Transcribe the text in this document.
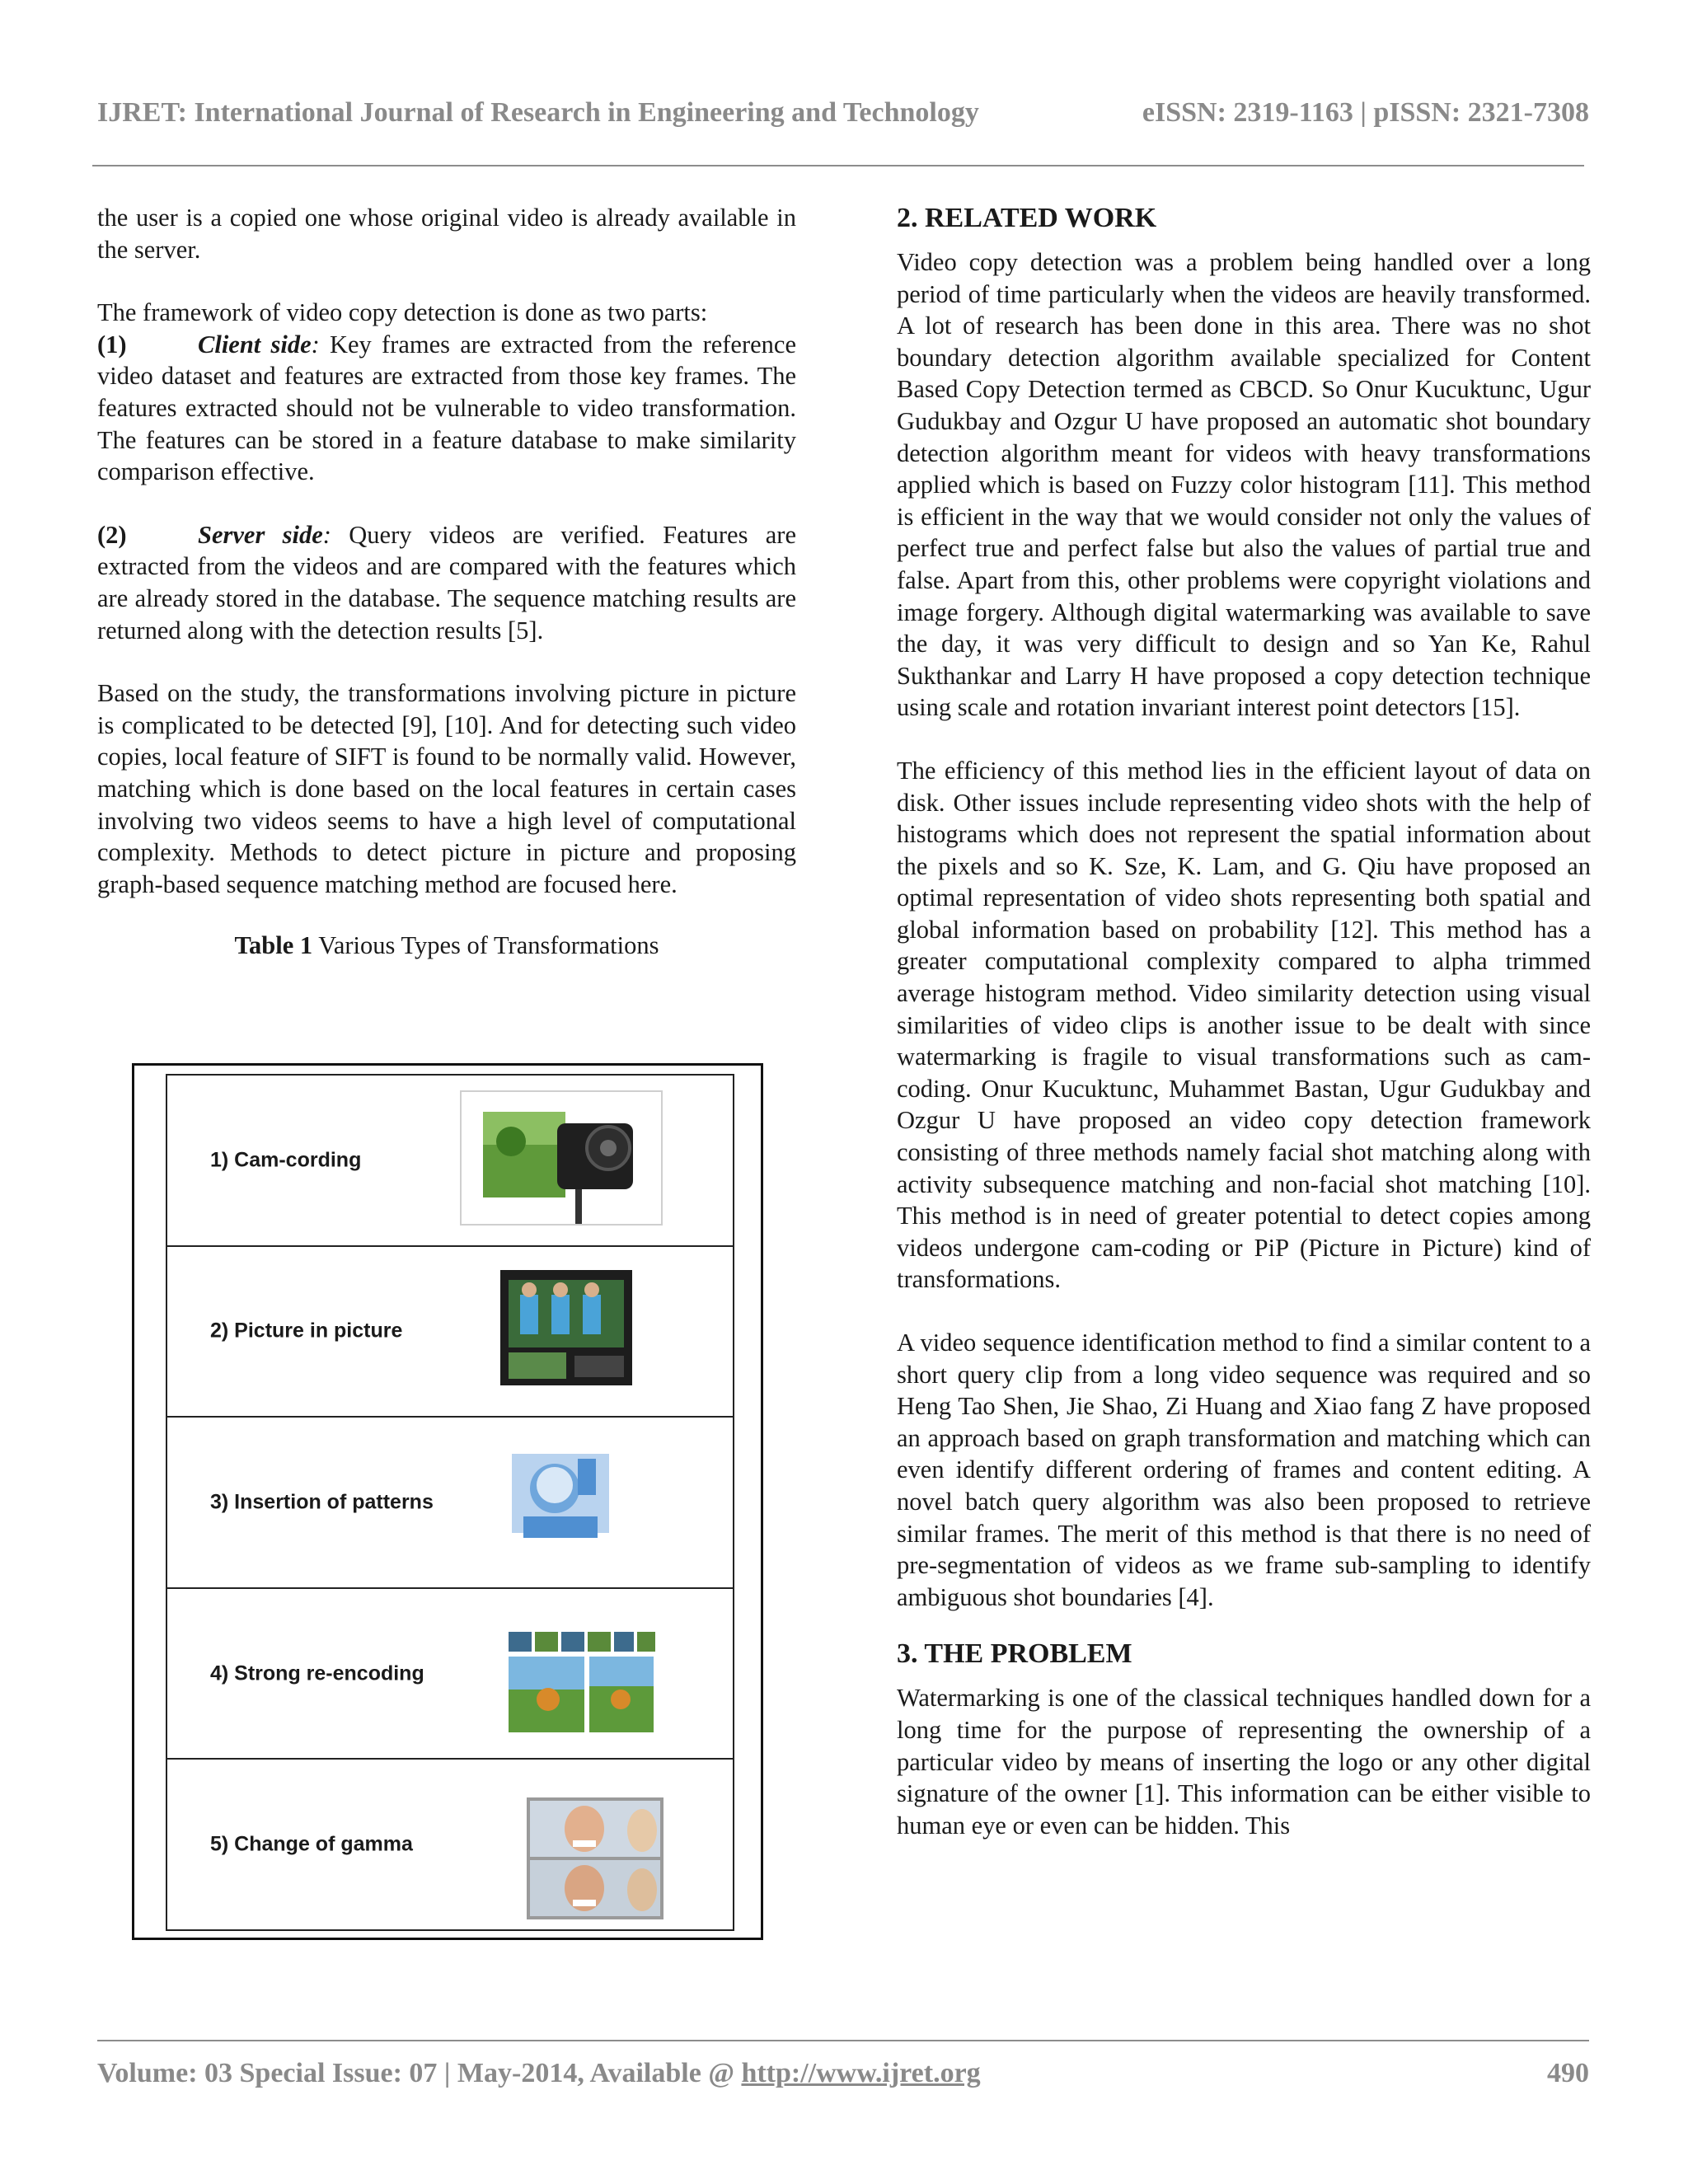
IJRET: International Journal of Research in Engineering and Technology	eISSN: 2319-1163 | pISSN: 2321-7308

the user is a copied one whose original video is already available in the server.

The framework of video copy detection is done as two parts:

(1)	Client side: Key frames are extracted from the reference video dataset and features are extracted from those key frames. The features extracted should not be vulnerable to video transformation. The features can be stored in a feature database to make similarity comparison effective.

(2)	Server side: Query videos are verified. Features are extracted from the videos and are compared with the features which are already stored in the database. The sequence matching results are returned along with the detection results [5].

Based on the study, the transformations involving picture in picture is complicated to be detected [9], [10]. And for detecting such video copies, local feature of SIFT is found to be normally valid. However, matching which is done based on the local features in certain cases involving two videos seems to have a high level of computational complexity. Methods to detect picture in picture and proposing graph-based sequence matching method are focused here.

Table 1 Various Types of Transformations
1) Cam-cording
2) Picture in picture
3) Insertion of patterns
4) Strong re-encoding
5) Change of gamma
2. RELATED WORK

Video copy detection was a problem being handled over a long period of time particularly when the videos are heavily transformed. A lot of research has been done in this area. There was no shot boundary detection algorithm available specialized for Content Based Copy Detection termed as CBCD. So Onur Kucuktunc, Ugur Gudukbay and Ozgur U have proposed an automatic shot boundary detection algorithm meant for videos with heavy transformations applied which is based on Fuzzy color histogram [11]. This method is efficient in the way that we would consider not only the values of perfect true and perfect false but also the values of partial true and false. Apart from this, other problems were copyright violations and image forgery. Although digital watermarking was available to save the day, it was very difficult to design and so Yan Ke, Rahul Sukthankar and Larry H have proposed a copy detection technique using scale and rotation invariant interest point detectors [15].

The efficiency of this method lies in the efficient layout of data on disk. Other issues include representing video shots with the help of histograms which does not represent the spatial information about the pixels and so K. Sze, K. Lam, and G. Qiu have proposed an optimal representation of video shots representing both spatial and global information based on probability [12]. This method has a greater computational complexity compared to alpha trimmed average histogram method. Video similarity detection using visual similarities of video clips is another issue to be dealt with since watermarking is fragile to visual transformations such as cam-coding. Onur Kucuktunc, Muhammet Bastan, Ugur Gudukbay and Ozgur U have proposed an video copy detection framework consisting of three methods namely facial shot matching along with activity subsequence matching and non-facial shot matching [10]. This method is in need of greater potential to detect copies among videos undergone cam-coding or PiP (Picture in Picture) kind of transformations.

A video sequence identification method to find a similar content to a short query clip from a long video sequence was required and so Heng Tao Shen, Jie Shao, Zi Huang and Xiao fang Z have proposed an approach based on graph transformation and matching which can even identify different ordering of frames and content editing. A novel batch query algorithm was also been proposed to retrieve similar frames. The merit of this method is that there is no need of pre-segmentation of videos as we frame sub-sampling to identify ambiguous shot boundaries [4].

3. THE PROBLEM

Watermarking is one of the classical techniques handled down for a long time for the purpose of representing the ownership of a particular video by means of inserting the logo or any other digital signature of the owner [1]. This information can be either visible to human eye or even can be hidden. This

Volume: 03 Special Issue: 07 | May-2014, Available @ http://www.ijret.org	490
